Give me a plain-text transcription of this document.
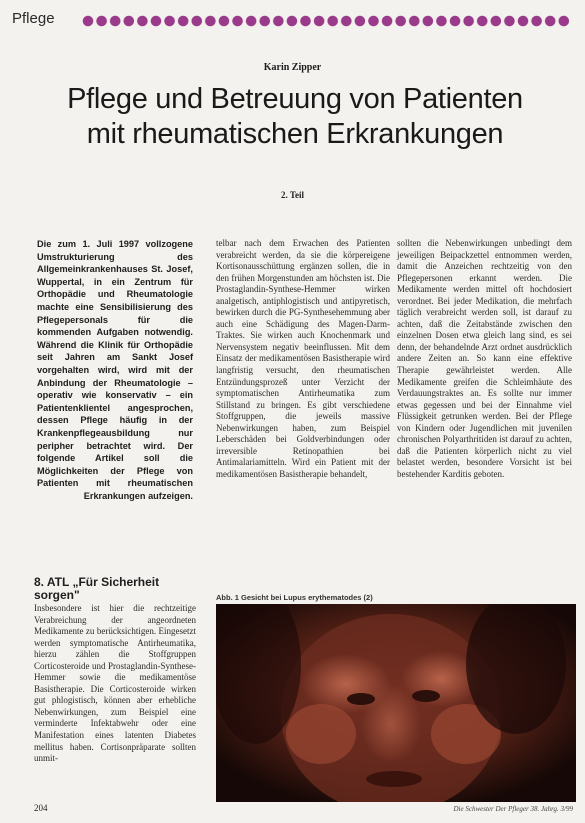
Pflege
Karin Zipper
Pflege und Betreuung von Patienten
mit rheumatischen Erkrankungen
2. Teil
Die zum 1. Juli 1997 vollzogene Umstrukturierung des Allgemeinkrankenhauses St. Josef, Wuppertal, in ein Zentrum für Orthopädie und Rheumatologie machte eine Sensibilisierung des Pflegepersonals für die kommenden Aufgaben notwendig. Während die Klinik für Orthopädie seit Jahren am Sankt Josef vorgehalten wird, wird mit der Anbindung der Rheumatologie – operativ wie konservativ – ein Patientenklientel angesprochen, dessen Pflege häufig in der Krankenpflegeausbildung nur peripher betrachtet wird. Der folgende Artikel soll die Möglichkeiten der Pflege von Patienten mit rheumatischen Erkrankungen aufzeigen.
telbar nach dem Erwachen des Patienten verabreicht werden, da sie die körpereigene Kortisonausschüttung ergänzen sollen, die in den frühen Morgenstunden am höchsten ist. Die Prostaglandin-Synthese-Hemmer wirken analgetisch, antiphlogistisch und antipyretisch, bewirken durch die PG-Synthesehemmung aber auch eine Schädigung des Magen-Darm-Traktes. Sie wirken auch Knochenmark und Nervensystem negativ beeinflussen. Mit dem Einsatz der medikamentösen Basistherapie wird langfristig versucht, den rheumatischen Entzündungsprozeß unter Verzicht der symptomatischen Antirheumatika zum Stillstand zu bringen. Es gibt verschiedene Stoffgruppen, die jeweils massive Nebenwirkungen haben, zum Beispiel Leberschäden bei Goldverbindungen oder irreversible Retinopathien bei Antimalariamitteln. Wird ein Patient mit der medikamentösen Basistherapie behandelt,
sollten die Nebenwirkungen unbedingt dem jeweiligen Beipackzettel entnommen werden, damit die Anzeichen rechtzeitig von den Pflegepersonen erkannt werden. Die Medikamente werden mittel oft hochdosiert verordnet. Bei jeder Medikation, die mehrfach täglich verabreicht werden soll, ist darauf zu achten, daß die Zeitabstände zwischen den einzelnen Dosen etwa gleich lang sind, es sei denn, der behandelnde Arzt ordnet ausdrücklich andere Zeiten an. So kann eine effektive Therapie gewährleistet werden. Alle Medikamente greifen die Schleimhäute des Verdauungstraktes an. Es sollte nur immer etwas gegessen und bei der Einnahme viel Flüssigkeit getrunken werden. Bei der Pflege von Kindern oder Jugendlichen mit juvenilen chronischen Polyarthritiden ist darauf zu achten, daß die Patienten körperlich nicht zu viel belastet werden, besondere Vorsicht ist bei bestehender Karditis geboten.
8. ATL „Für Sicherheit sorgen"
Insbesondere ist hier die rechtzeitige Verabreichung der angeordneten Medikamente zu berücksichtigen. Eingesetzt werden symptomatische Antirheumatika, hierzu zählen die Stoffgruppen Corticosteroide und Prostaglandin-Synthese-Hemmer sowie die medikamentöse Basistherapie. Die Corticosteroide wirken gut phlogistisch, können aber erhebliche Nebenwirkungen, zum Beispiel eine verminderte Infektabwehr oder eine Manifestation eines latenten Diabetes mellitus haben. Cortisonpräparate sollten unmit-
Abb. 1 Gesicht bei Lupus erythematodes (2)
204	Die Schwester Der Pfleger 38. Jahrg. 3/99
